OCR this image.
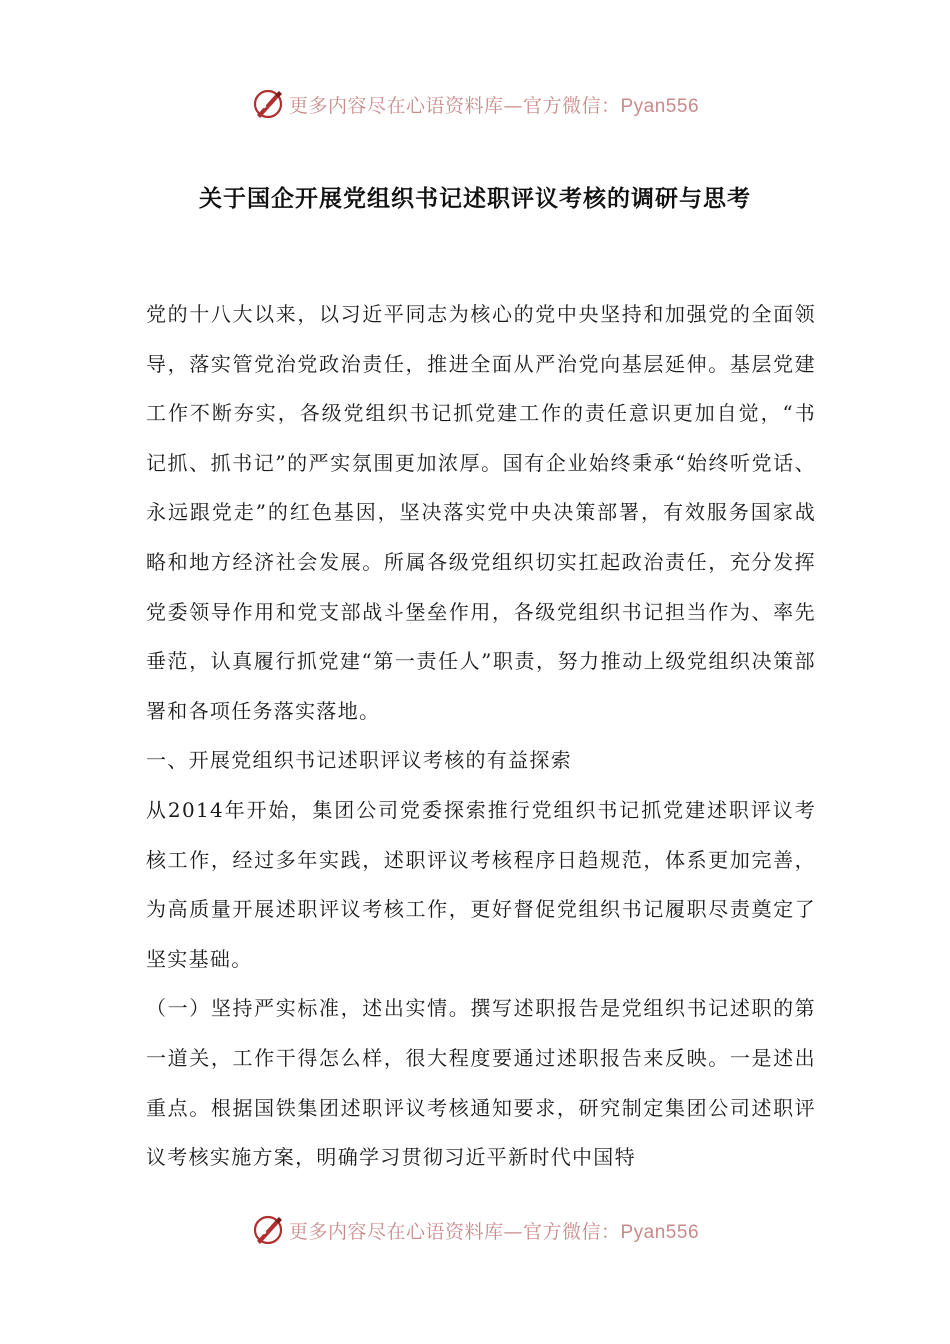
更多内容尽在心语资料库—官方微信：Pyan556
关于国企开展党组织书记述职评议考核的调研与思考

党的十八大以来，以习近平同志为核心的党中央坚持和加强党的全面领导，落实管党治党政治责任，推进全面从严治党向基层延伸。基层党建工作不断夯实，各级党组织书记抓党建工作的责任意识更加自觉，“书记抓、抓书记”的严实氛围更加浓厚。国有企业始终秉承“始终听党话、永远跟党走”的红色基因，坚决落实党中央决策部署，有效服务国家战略和地方经济社会发展。所属各级党组织切实扛起政治责任，充分发挥党委领导作用和党支部战斗堡垒作用，各级党组织书记担当作为、率先垂范，认真履行抓党建“第一责任人”职责，努力推动上级党组织决策部署和各项任务落实落地。

一、开展党组织书记述职评议考核的有益探索

从2014年开始，集团公司党委探索推行党组织书记抓党建述职评议考核工作，经过多年实践，述职评议考核程序日趋规范，体系更加完善，为高质量开展述职评议考核工作，更好督促党组织书记履职尽责奠定了坚实基础。

（一）坚持严实标准，述出实情。撰写述职报告是党组织书记述职的第一道关，工作干得怎么样，很大程度要通过述职报告来反映。一是述出重点。根据国铁集团述职评议考核通知要求，研究制定集团公司述职评议考核实施方案，明确学习贯彻习近平新时代中国特

更多内容尽在心语资料库—官方微信：Pyan556
